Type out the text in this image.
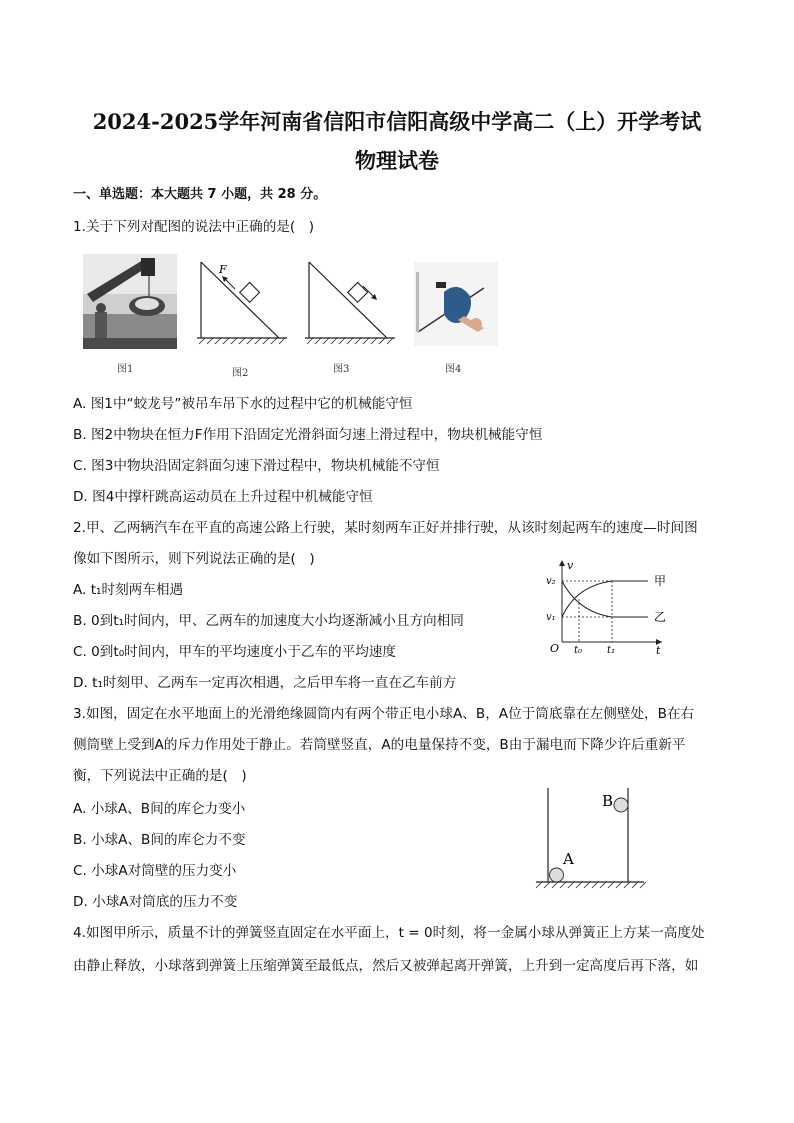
2024-2025学年河南省信阳市信阳高级中学高二（上）开学考试
物理试卷
一、单选题：本大题共 7 小题，共 28 分。
1.关于下列对配图的说法中正确的是(　)
图1
F
图2	图3	图4
A. 图1中“蛟龙号”被吊车吊下水的过程中它的机械能守恒
B. 图2中物块在恒力F作用下沿固定光滑斜面匀速上滑过程中，物块机械能守恒
C. 图3中物块沿固定斜面匀速下滑过程中，物块机械能不守恒
D. 图4中撑杆跳高运动员在上升过程中机械能守恒
2.甲、乙两辆汽车在平直的高速公路上行驶，某时刻两车正好并排行驶，从该时刻起两车的速度—时间图
像如下图所示，则下列说法正确的是(　)
A. t₁时刻两车相遇
B. 0到t₁时间内，甲、乙两车的加速度大小均逐渐减小且方向相同
C. 0到t₀时间内，甲车的平均速度小于乙车的平均速度
D. t₁时刻甲、乙两车一定再次相遇，之后甲车将一直在乙车前方
v
t
O
v₂
v₁
t₀ t₁
甲
乙
3.如图，固定在水平地面上的光滑绝缘圆筒内有两个带正电小球A、B，A位于筒底靠在左侧壁处，B在右
侧筒壁上受到A的斥力作用处于静止。若筒壁竖直，A的电量保持不变，B由于漏电而下降少许后重新平
衡，下列说法中正确的是(　)
A. 小球A、B间的库仑力变小
B. 小球A、B间的库仑力不变
C. 小球A对筒壁的压力变小
D. 小球A对筒底的压力不变
A
B
4.如图甲所示，质量不计的弹簧竖直固定在水平面上，t = 0时刻，将一金属小球从弹簧正上方某一高度处
由静止释放，小球落到弹簧上压缩弹簧至最低点，然后又被弹起离开弹簧，上升到一定高度后再下落，如
